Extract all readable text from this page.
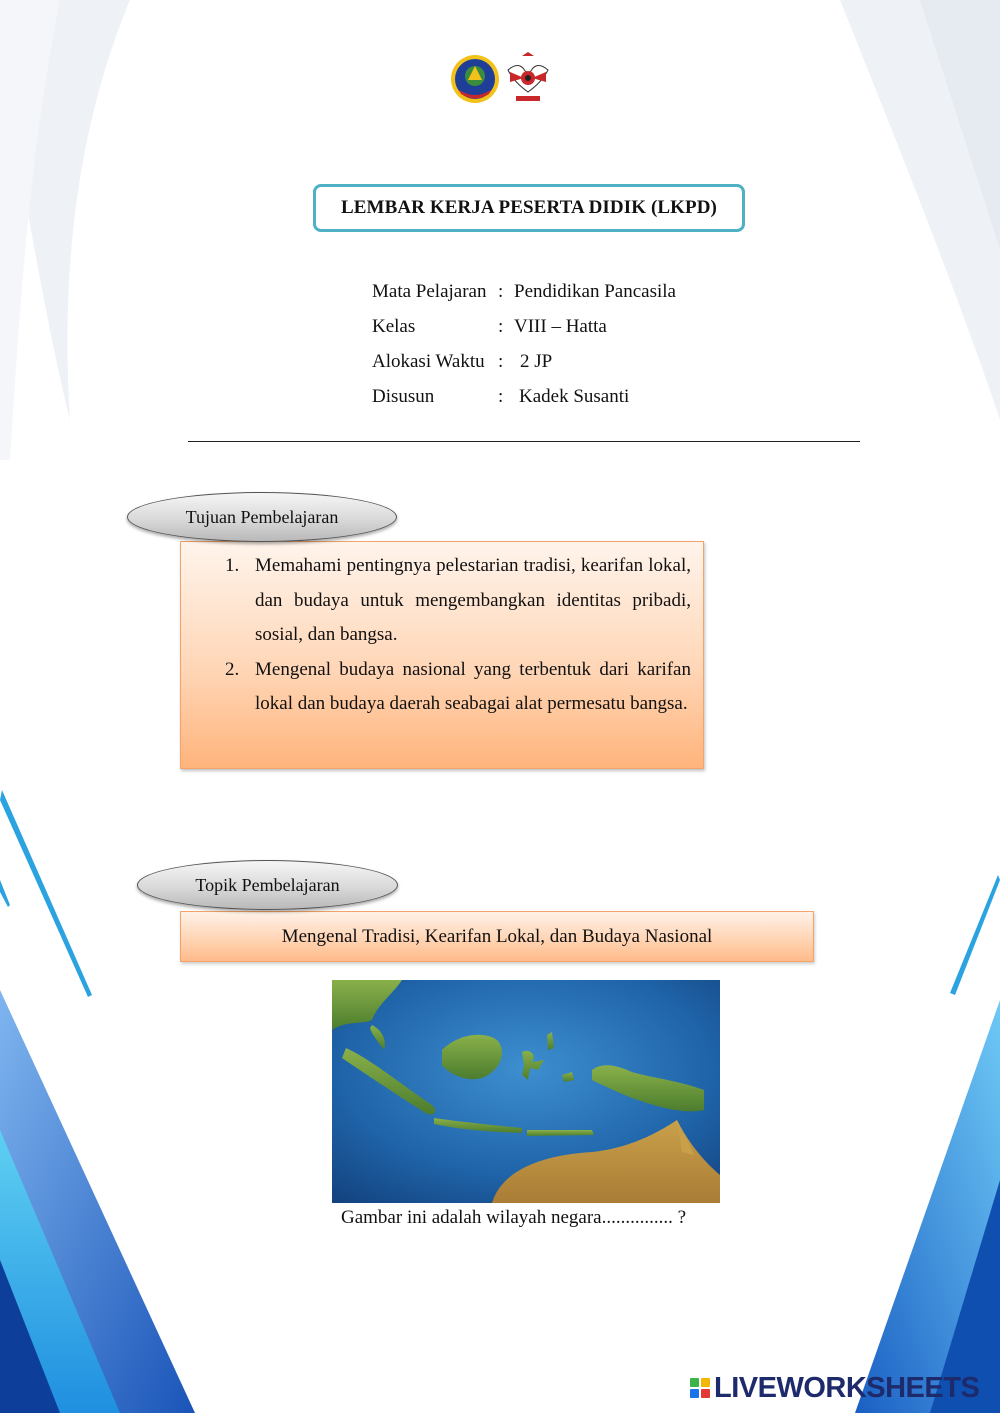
LEMBAR KERJA PESERTA DIDIK (LKPD)
Mata Pelajaran : Pendidikan Pancasila
Kelas	: VIII – Hatta
Alokasi Waktu : 2 JP
Disusun	: Kadek Susanti
Tujuan Pembelajaran
1. Memahami pentingnya pelestarian tradisi, kearifan lokal, dan budaya untuk mengembangkan identitas pribadi, sosial, dan bangsa.
2. Mengenal budaya nasional yang terbentuk dari karifan lokal dan budaya daerah seabagai alat permesatu bangsa.
Topik Pembelajaran
Mengenal Tradisi, Kearifan Lokal, dan Budaya Nasional
Gambar ini adalah wilayah negara............... ?
LIVEWORKSHEETS
